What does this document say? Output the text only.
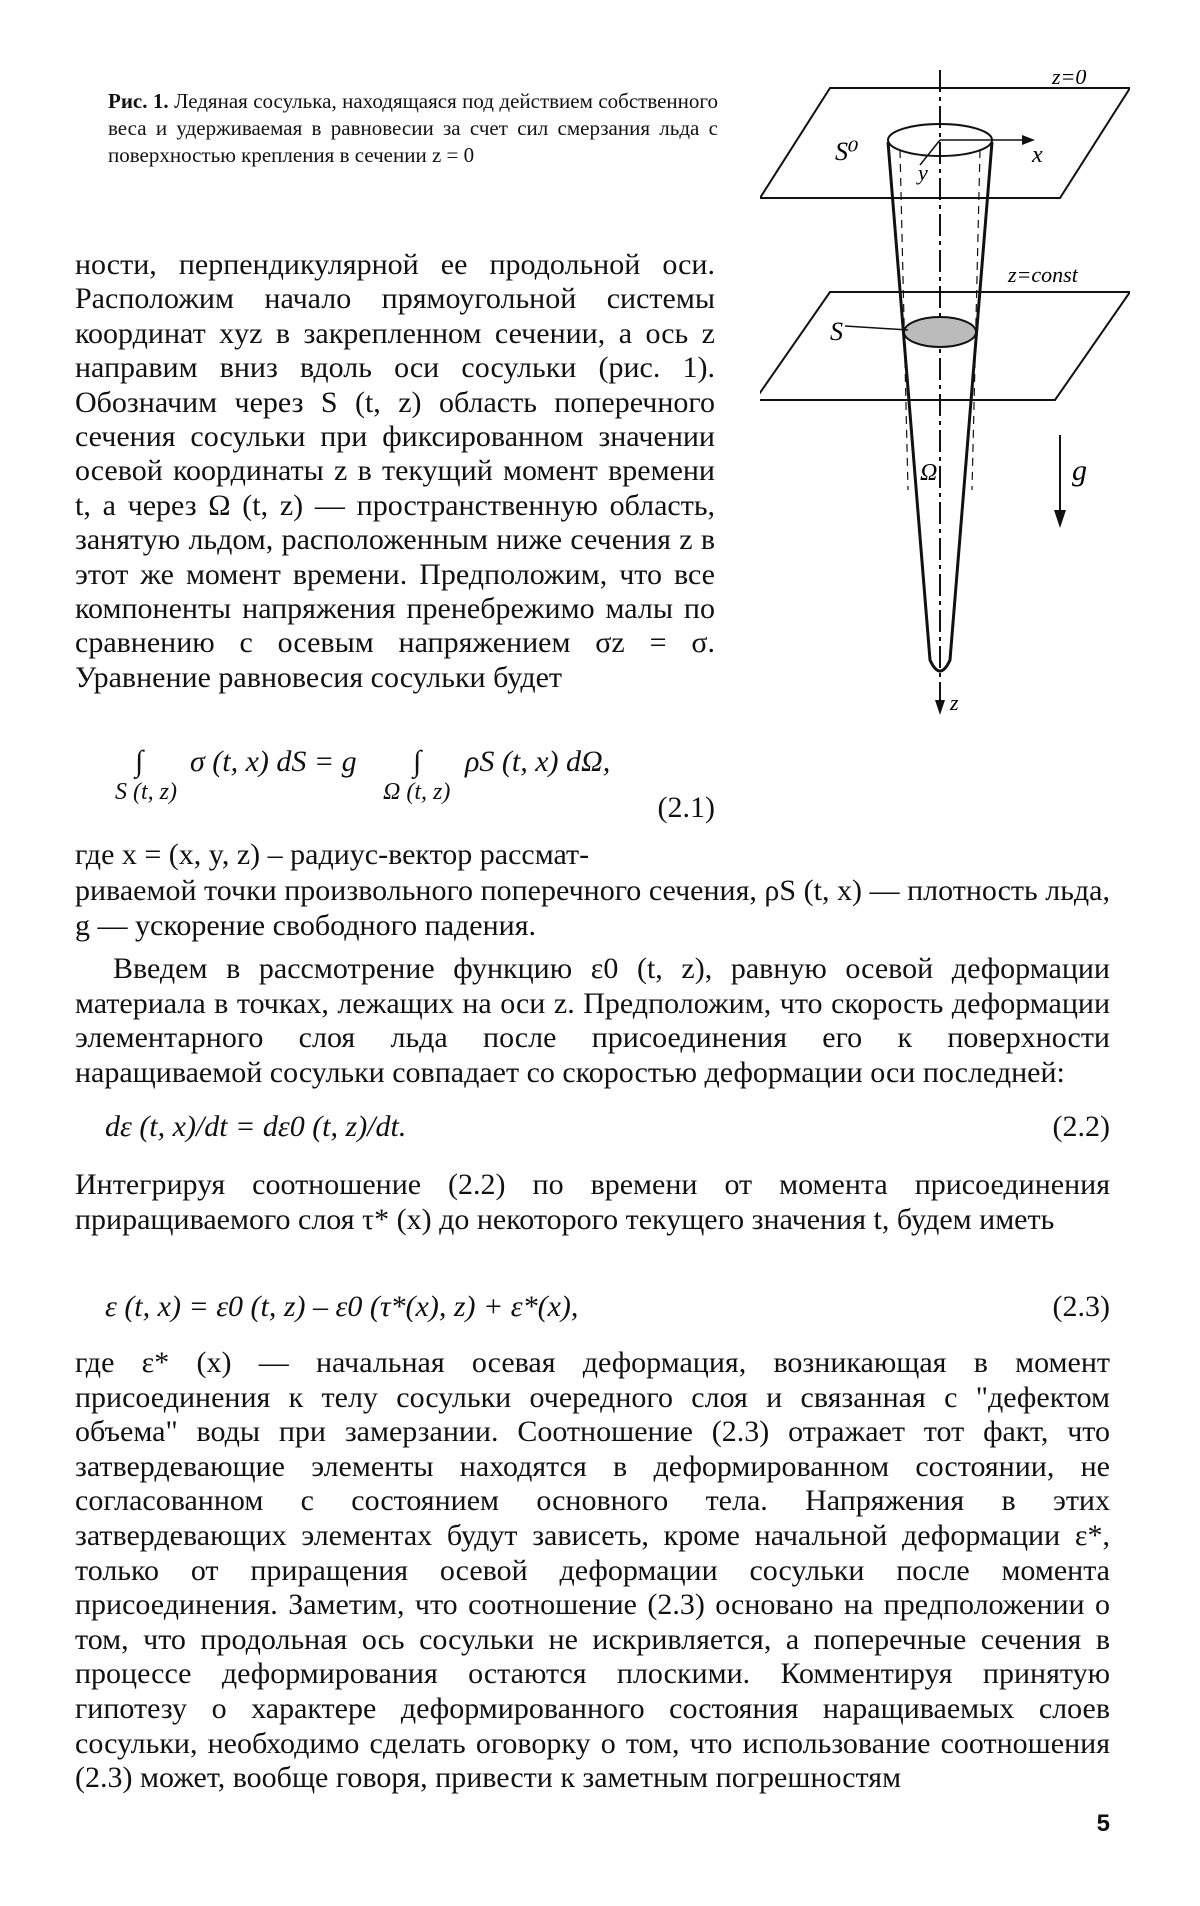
Рис. 1. Ледяная сосулька, находящаяся под действием собственного веса и удерживаемая в равновесии за счет сил смерзания льда с поверхностью крепления в сечении z = 0
z=0
S⁰	x
y
z=const
S
Ω	g
z
ности, перпендикулярной ее продольной оси. Расположим начало прямоугольной системы координат xyz в закрепленном сечении, а ось z направим вниз вдоль оси сосульки (рис. 1). Обозначим через S (t, z) область поперечного сечения сосульки при фиксированном значении осевой координаты z в текущий момент времени t, а через Ω (t, z) — пространственную область, занятую льдом, расположенным ниже сечения z в этот же момент времени. Предположим, что все компоненты напряжения пренебрежимо малы по сравнению с осевым напряжением σz = σ. Уравнение равновесия сосульки будет
∫ σ (t, x) dS = g ∫ ρS (t, x) dΩ,
S (t, z)	Ω (t, z)	(2.1)
где x = (x, y, z) – радиус-вектор рассмат-
риваемой точки произвольного поперечного сечения, ρS (t, x) — плотность льда, g — ускорение свободного падения.
Введем в рассмотрение функцию ε0 (t, z), равную осевой деформации материала в точках, лежащих на оси z. Предположим, что скорость деформации элементарного слоя льда после присоединения его к поверхности наращиваемой сосульки совпадает со скоростью деформации оси последней:
dε (t, x)/dt = dε0 (t, z)/dt.	(2.2)
Интегрируя соотношение (2.2) по времени от момента присоединения приращиваемого слоя τ* (x) до некоторого текущего значения t, будем иметь
ε (t, x) = ε0 (t, z) – ε0 (τ*(x), z) + ε*(x),	(2.3)
где ε* (x) — начальная осевая деформация, возникающая в момент присоединения к телу сосульки очередного слоя и связанная с "дефектом объема" воды при замерзании. Соотношение (2.3) отражает тот факт, что затвердевающие элементы находятся в деформированном состоянии, не согласованном с состоянием основного тела. Напряжения в этих затвердевающих элементах будут зависеть, кроме начальной деформации ε*, только от приращения осевой деформации сосульки после момента присоединения. Заметим, что соотношение (2.3) основано на предположении о том, что продольная ось сосульки не искривляется, а поперечные сечения в процессе деформирования остаются плоскими. Комментируя принятую гипотезу о характере деформированного состояния наращиваемых слоев сосульки, необходимо сделать оговорку о том, что использование соотношения (2.3) может, вообще говоря, привести к заметным погрешностям
5
